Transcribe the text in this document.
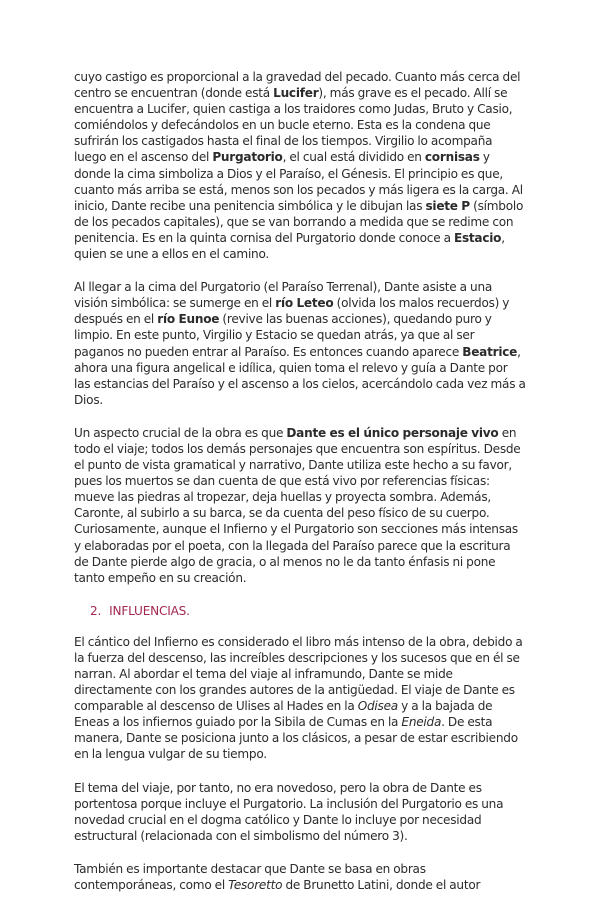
cuyo castigo es proporcional a la gravedad del pecado. Cuanto más cerca del centro se encuentran (donde está Lucifer), más grave es el pecado. Allí se encuentra a Lucifer, quien castiga a los traidores como Judas, Bruto y Casio, comiéndolos y defecándolos en un bucle eterno. Esta es la condena que sufrirán los castigados hasta el final de los tiempos. Virgilio lo acompaña luego en el ascenso del Purgatorio, el cual está dividido en cornisas y donde la cima simboliza a Dios y el Paraíso, el Génesis. El principio es que, cuanto más arriba se está, menos son los pecados y más ligera es la carga. Al inicio, Dante recibe una penitencia simbólica y le dibujan las siete P (símbolo de los pecados capitales), que se van borrando a medida que se redime con penitencia. Es en la quinta cornisa del Purgatorio donde conoce a Estacio, quien se une a ellos en el camino.

Al llegar a la cima del Purgatorio (el Paraíso Terrenal), Dante asiste a una visión simbólica: se sumerge en el río Leteo (olvida los malos recuerdos) y después en el río Eunoe (revive las buenas acciones), quedando puro y limpio. En este punto, Virgilio y Estacio se quedan atrás, ya que al ser paganos no pueden entrar al Paraíso. Es entonces cuando aparece Beatrice, ahora una figura angelical e idílica, quien toma el relevo y guía a Dante por las estancias del Paraíso y el ascenso a los cielos, acercándolo cada vez más a Dios.

Un aspecto crucial de la obra es que Dante es el único personaje vivo en todo el viaje; todos los demás personajes que encuentra son espíritus. Desde el punto de vista gramatical y narrativo, Dante utiliza este hecho a su favor, pues los muertos se dan cuenta de que está vivo por referencias físicas: mueve las piedras al tropezar, deja huellas y proyecta sombra. Además, Caronte, al subirlo a su barca, se da cuenta del peso físico de su cuerpo. Curiosamente, aunque el Infierno y el Purgatorio son secciones más intensas y elaboradas por el poeta, con la llegada del Paraíso parece que la escritura de Dante pierde algo de gracia, o al menos no le da tanto énfasis ni pone tanto empeño en su creación.

2. INFLUENCIAS.

El cántico del Infierno es considerado el libro más intenso de la obra, debido a la fuerza del descenso, las increíbles descripciones y los sucesos que en él se narran. Al abordar el tema del viaje al inframundo, Dante se mide directamente con los grandes autores de la antigüedad. El viaje de Dante es comparable al descenso de Ulises al Hades en la Odisea y a la bajada de Eneas a los infiernos guiado por la Sibila de Cumas en la Eneida. De esta manera, Dante se posiciona junto a los clásicos, a pesar de estar escribiendo en la lengua vulgar de su tiempo.

El tema del viaje, por tanto, no era novedoso, pero la obra de Dante es portentosa porque incluye el Purgatorio. La inclusión del Purgatorio es una novedad crucial en el dogma católico y Dante lo incluye por necesidad estructural (relacionada con el simbolismo del número 3).

También es importante destacar que Dante se basa en obras contemporáneas, como el Tesoretto de Brunetto Latini, donde el autor
